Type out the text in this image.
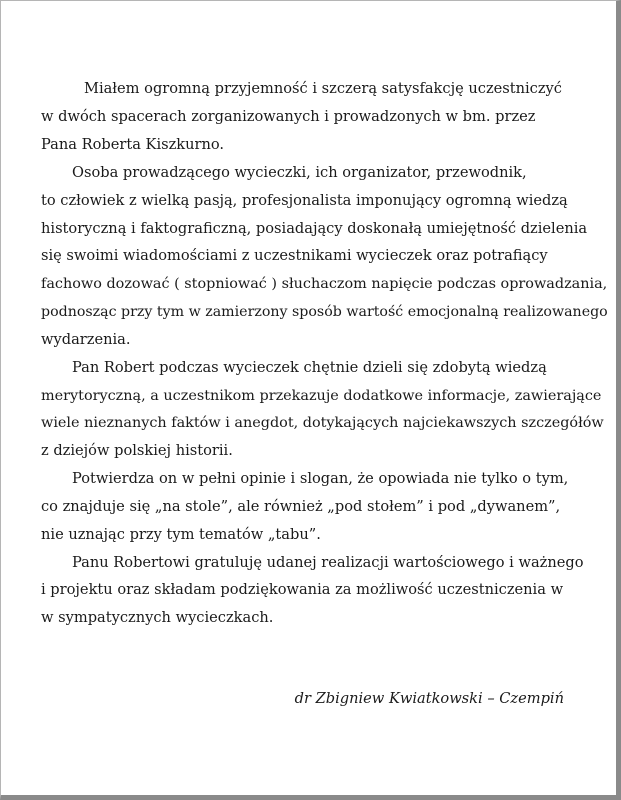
Miałem ogromną przyjemność i szczerą satysfakcję uczestniczyć
w dwóch spacerach zorganizowanych i prowadzonych w bm. przez
Pana Roberta Kiszkurno.
Osoba prowadzącego wycieczki, ich organizator, przewodnik,
to człowiek z wielką pasją, profesjonalista imponujący ogromną wiedzą
historyczną i faktograficzną, posiadający doskonałą umiejętność dzielenia
się swoimi wiadomościami z uczestnikami wycieczek oraz potrafiący
fachowo dozować ( stopniować ) słuchaczom napięcie podczas oprowadzania,
podnosząc przy tym w zamierzony sposób wartość emocjonalną realizowanego
wydarzenia.
Pan Robert podczas wycieczek chętnie dzieli się zdobytą wiedzą
merytoryczną, a uczestnikom przekazuje dodatkowe informacje, zawierające
wiele nieznanych faktów i anegdot, dotykających najciekawszych szczegółów
z dziejów polskiej historii.
Potwierdza on w pełni opinie i slogan, że opowiada nie tylko o tym,
co znajduje się „na stole”, ale również „pod stołem” i pod „dywanem”,
nie uznając przy tym tematów „tabu”.
Panu Robertowi gratuluję udanej realizacji wartościowego i ważnego
i projektu oraz składam podziękowania za możliwość uczestniczenia w
w sympatycznych wycieczkach.
dr Zbigniew Kwiatkowski – Czempiń
